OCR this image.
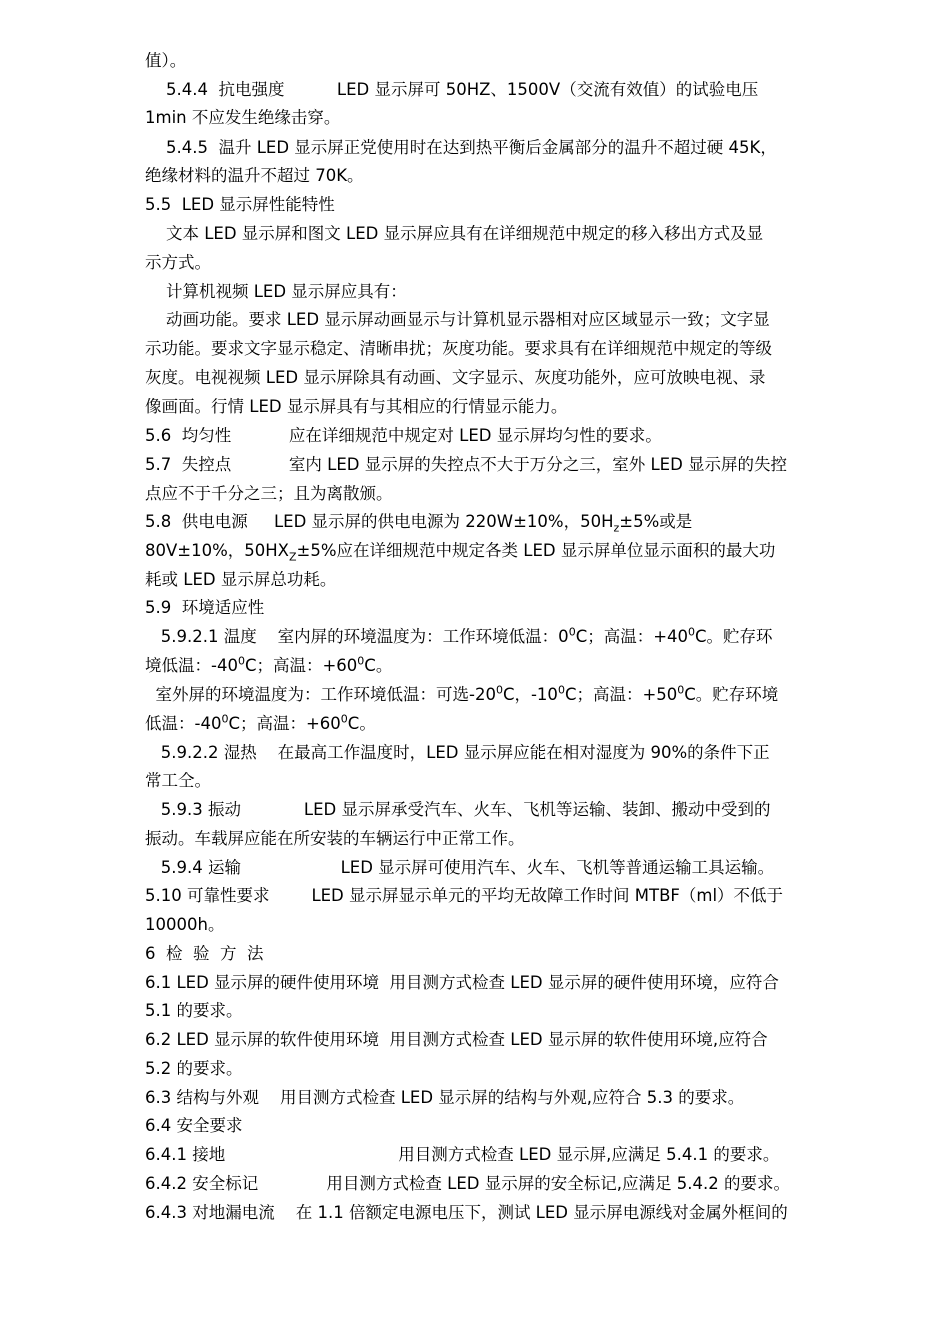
值）。
5.4.4  抗电强度          LED 显示屏可 50HZ、1500V（交流有效值）的试验电压
1min 不应发生绝缘击穿。
5.4.5  温升 LED 显示屏正党使用时在达到热平衡后金属部分的温升不超过硬 45K，
绝缘材料的温升不超过 70K。
5.5  LED 显示屏性能特性
文本 LED 显示屏和图文 LED 显示屏应具有在详细规范中规定的移入移出方式及显
示方式。
计算机视频 LED 显示屏应具有：
动画功能。要求 LED 显示屏动画显示与计算机显示器相对应区域显示一致；文字显
示功能。要求文字显示稳定、清晰串扰；灰度功能。要求具有在详细规范中规定的等级
灰度。电视视频 LED 显示屏除具有动画、文字显示、灰度功能外，应可放映电视、录
像画面。行情 LED 显示屏具有与其相应的行情显示能力。
5.6  均匀性           应在详细规范中规定对 LED 显示屏均匀性的要求。
5.7  失控点           室内 LED 显示屏的失控点不大于万分之三，室外 LED 显示屏的失控
点应不于千分之三；且为离散颁。
5.8  供电电源     LED 显示屏的供电电源为 220W±10%，$50H_z\pm 5\%$或是
80V±10%，$50HX_Z\pm 5\%$应在详细规范中规定各类 LED 显示屏单位显示面积的最大功
耗或 LED 显示屏总功耗。
5.9  环境适应性
5.9.2.1 温度    室内屏的环境温度为：工作环境低温：$0^0C$；高温：$+40^0C$。贮存环
境低温：$-40^0C$；高温：$+60^0C$。
室外屏的环境温度为：工作环境低温：可选$-20^0C$，$-10^0C$；高温：$+50^0C$。贮存环境
低温：$-40^0C$；高温：$+60^0C$。
5.9.2.2 湿热    在最高工作温度时，LED 显示屏应能在相对湿度为 90%的条件下正
常工仝。
5.9.3 振动            LED 显示屏承受汽车、火车、飞机等运输、装卸、搬动中受到的
振动。车载屏应能在所安装的车辆运行中正常工作。
5.9.4 运输                   LED 显示屏可使用汽车、火车、飞机等普通运输工具运输。
5.10 可靠性要求        LED 显示屏显示单元的平均无故障工作时间 MTBF（ml）不低于
10000h。
6  检  验  方  法
6.1 LED 显示屏的硬件使用环境  用目测方式检查 LED 显示屏的硬件使用环境，应符合
5.1 的要求。
6.2 LED 显示屏的软件使用环境  用目测方式检查 LED 显示屏的软件使用环境,应符合
5.2 的要求。
6.3 结构与外观    用目测方式检查 LED 显示屏的结构与外观,应符合 5.3 的要求。
6.4 安全要求
6.4.1 接地                                 用目测方式检查 LED 显示屏,应满足 5.4.1 的要求。
6.4.2 安全标记             用目测方式检查 LED 显示屏的安全标记,应满足 5.4.2 的要求。
6.4.3 对地漏电流    在 1.1 倍额定电源电压下，测试 LED 显示屏电源线对金属外框间的
